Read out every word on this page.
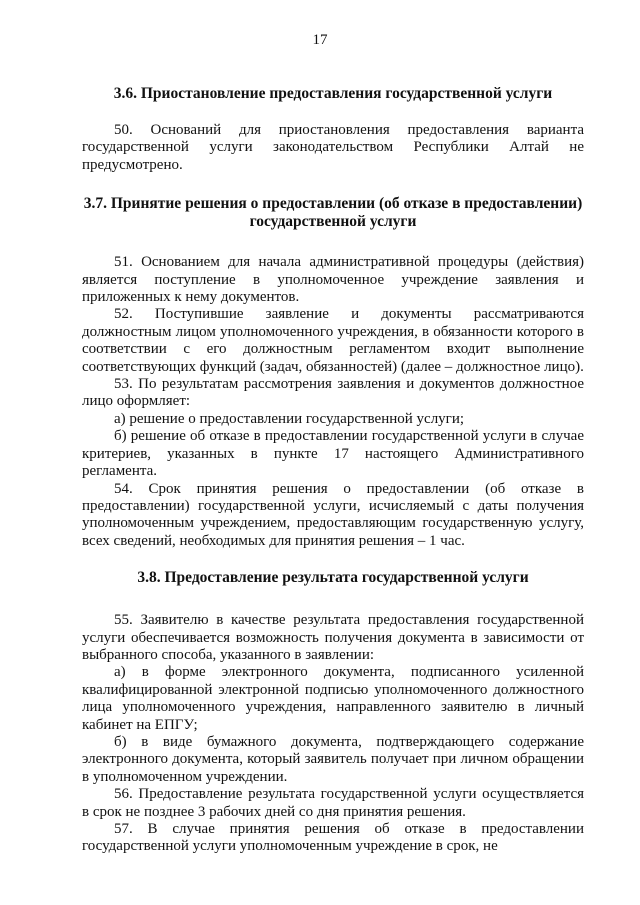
17
3.6. Приостановление предоставления государственной услуги

50. Оснований для приостановления предоставления варианта государственной услуги законодательством Республики Алтай не предусмотрено.

3.7. Принятие решения о предоставлении (об отказе в предоставлении)
государственной услуги

51. Основанием для начала административной процедуры (действия) является поступление в уполномоченное учреждение заявления и приложенных к нему документов.

52. Поступившие заявление и документы рассматриваются должностным лицом уполномоченного учреждения, в обязанности которого в соответствии с его должностным регламентом входит выполнение соответствующих функций (задач, обязанностей) (далее – должностное лицо).

53. По результатам рассмотрения заявления и документов должностное лицо оформляет:

а) решение о предоставлении государственной услуги;

б) решение об отказе в предоставлении государственной услуги в случае критериев, указанных в пункте 17 настоящего Административного регламента.

54. Срок принятия решения о предоставлении (об отказе в предоставлении) государственной услуги, исчисляемый с даты получения уполномоченным учреждением, предоставляющим государственную услугу, всех сведений, необходимых для принятия решения – 1 час.

3.8. Предоставление результата государственной услуги

55. Заявителю в качестве результата предоставления государственной услуги обеспечивается возможность получения документа в зависимости от выбранного способа, указанного в заявлении:

а) в форме электронного документа, подписанного усиленной квалифицированной электронной подписью уполномоченного должностного лица уполномоченного учреждения, направленного заявителю в личный кабинет на ЕПГУ;

б) в виде бумажного документа, подтверждающего содержание электронного документа, который заявитель получает при личном обращении в уполномоченном учреждении.

56. Предоставление результата государственной услуги осуществляется в срок не позднее 3 рабочих дней со дня принятия решения.

57. В случае принятия решения об отказе в предоставлении государственной услуги уполномоченным учреждение в срок, не
